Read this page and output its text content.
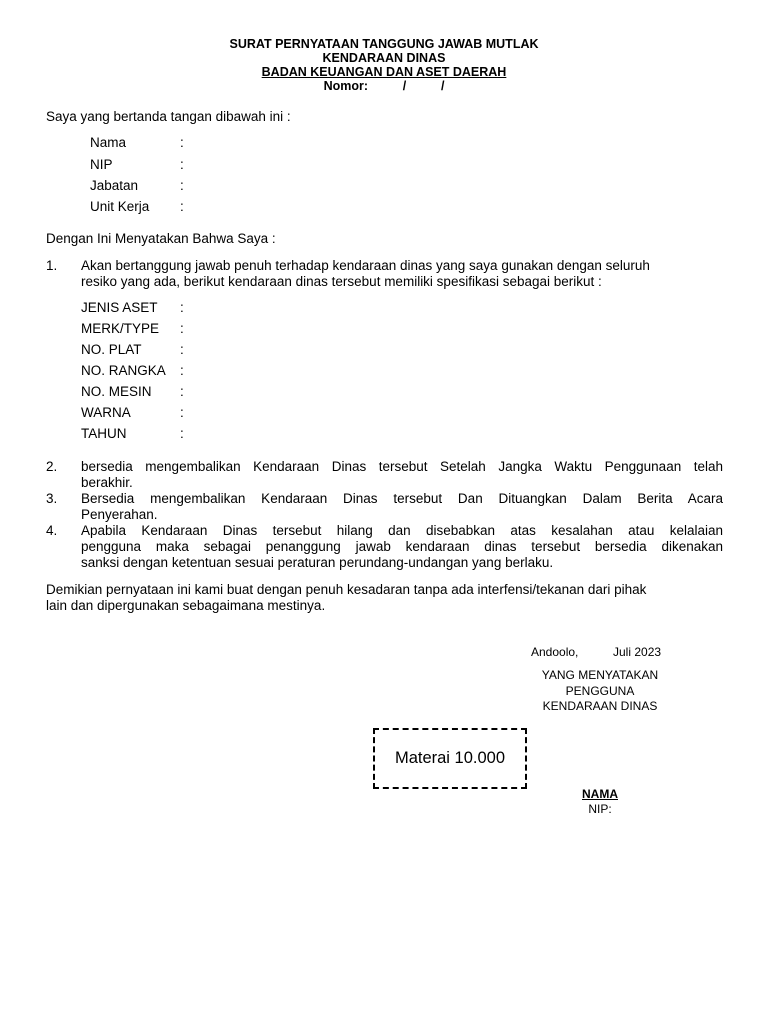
SURAT PERNYATAAN TANGGUNG JAWAB MUTLAK
KENDARAAN DINAS
BADAN KEUANGAN DAN ASET DAERAH
Nomor:          /          /
Saya yang bertanda tangan dibawah ini :
Nama	:
NIP	:
Jabatan	:
Unit Kerja :
Dengan Ini Menyatakan Bahwa Saya :
1. Akan bertanggung jawab penuh terhadap kendaraan dinas yang saya gunakan dengan seluruh
resiko yang ada, berikut kendaraan dinas tersebut memiliki spesifikasi sebagai berikut :
JENIS ASET :
MERK/TYPE :
NO. PLAT	:
NO. RANGKA :
NO. MESIN :
WARNA	:
TAHUN	:
2. bersedia mengembalikan Kendaraan Dinas tersebut Setelah Jangka Waktu Penggunaan telah
berakhir.
3. Bersedia mengembalikan Kendaraan Dinas tersebut Dan Dituangkan Dalam Berita Acara
Penyerahan.
4. Apabila Kendaraan Dinas tersebut hilang dan disebabkan atas kesalahan atau kelalaian
pengguna maka sebagai penanggung jawab kendaraan dinas tersebut bersedia dikenakan
sanksi dengan ketentuan sesuai peraturan perundang-undangan yang berlaku.
Demikian pernyataan ini kami buat dengan penuh kesadaran tanpa ada interfensi/tekanan dari pihak
lain dan dipergunakan sebagaimana mestinya.
Andoolo,	Juli 2023
YANG MENYATAKAN
PENGGUNA
KENDARAAN DINAS
Materai 10.000
NAMA
NIP:
